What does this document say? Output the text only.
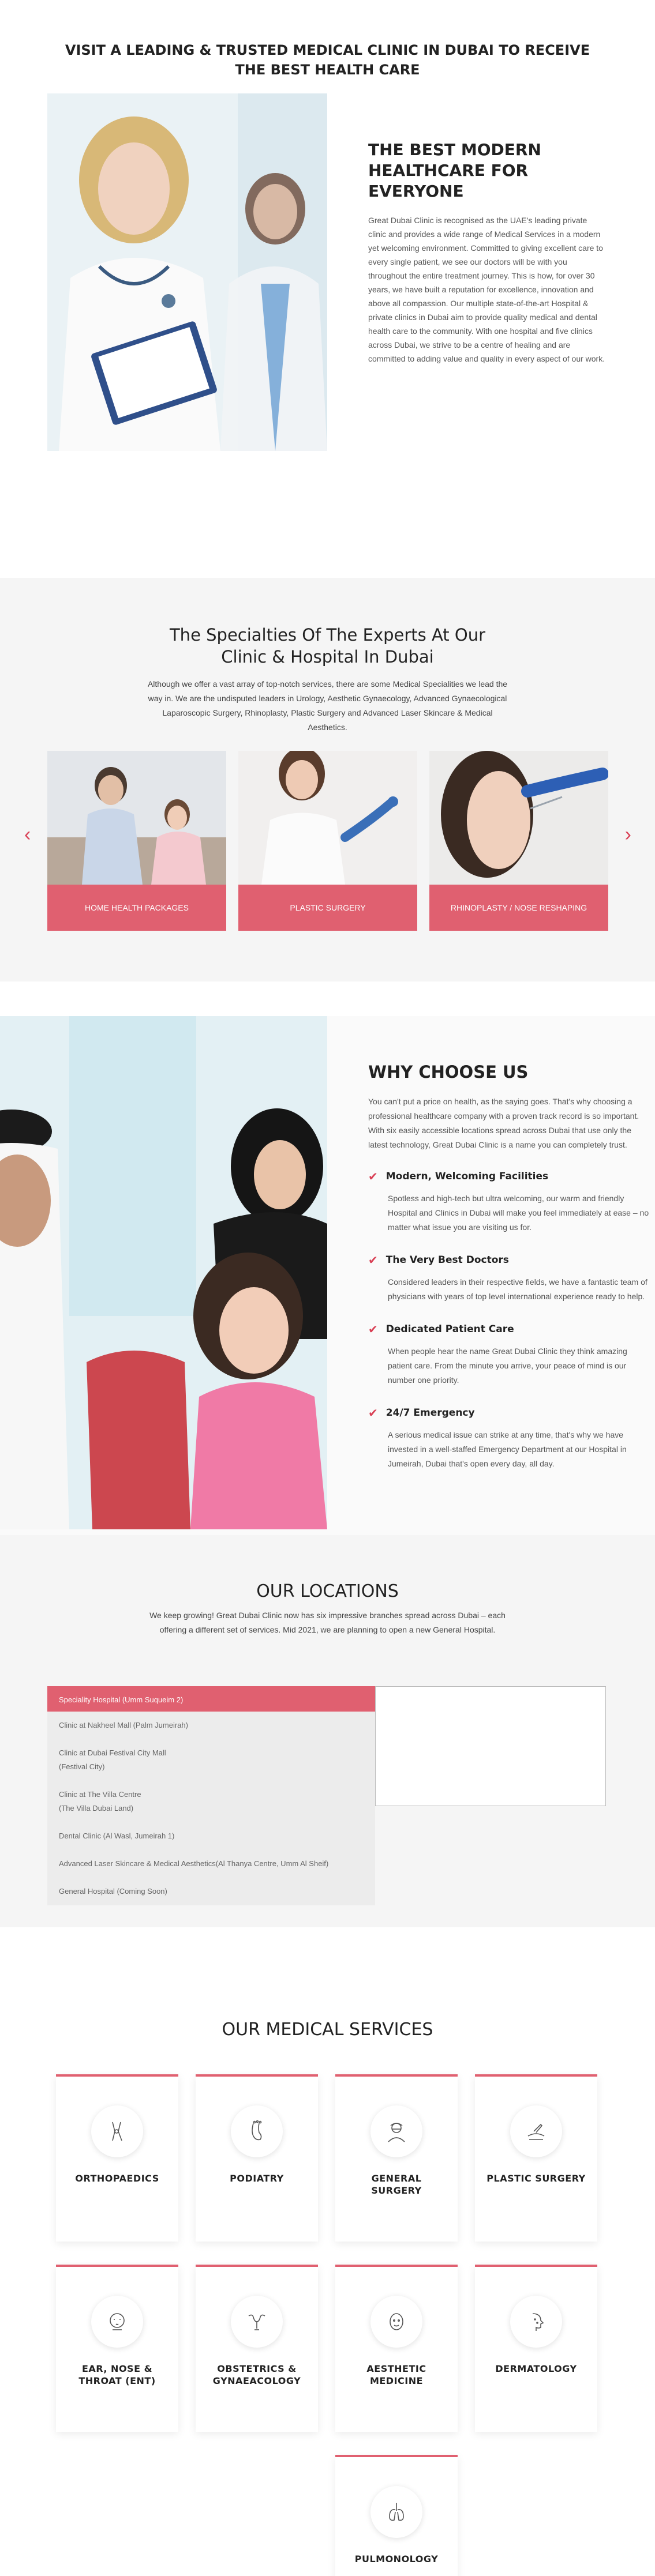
VISIT A LEADING & TRUSTED MEDICAL CLINIC IN DUBAI TO RECEIVE THE BEST HEALTH CARE
THE BEST MODERN HEALTHCARE FOR EVERYONE

Great Dubai Clinic is recognised as the UAE's leading private clinic and provides a wide range of Medical Services in a modern yet welcoming environment. Committed to giving excellent care to every single patient, we see our doctors will be with you throughout the entire treatment journey. This is how, for over 30 years, we have built a reputation for excellence, innovation and above all compassion. Our multiple state-of-the-art Hospital & private clinics in Dubai aim to provide quality medical and dental health care to the community. With one hospital and five clinics across Dubai, we strive to be a centre of healing and are committed to adding value and quality in every aspect of our work.

The Specialties Of The Experts At Our Clinic & Hospital In Dubai

Although we offer a vast array of top-notch services, there are some Medical Specialities we lead the way in. We are the undisputed leaders in Urology, Aesthetic Gynaecology, Advanced Gynaecological Laparoscopic Surgery, Rhinoplasty, Plastic Surgery and Advanced Laser Skincare & Medical Aesthetics.

‹
HOME HEALTH PACKAGES	PLASTIC SURGERY	RHINOPLASTY / NOSE RESHAPING
›
WHY CHOOSE US

You can't put a price on health, as the saying goes. That's why choosing a professional healthcare company with a proven track record is so important. With six easily accessible locations spread across Dubai that use only the latest technology, Great Dubai Clinic is a name you can completely trust.

✔ Modern, Welcoming Facilities

Spotless and high-tech but ultra welcoming, our warm and friendly Hospital and Clinics in Dubai will make you feel immediately at ease – no matter what issue you are visiting us for.

✔ The Very Best Doctors

Considered leaders in their respective fields, we have a fantastic team of physicians with years of top level international experience ready to help.

✔ Dedicated Patient Care

When people hear the name Great Dubai Clinic they think amazing patient care. From the minute you arrive, your peace of mind is our number one priority.

✔ 24/7 Emergency

A serious medical issue can strike at any time, that's why we have invested in a well-staffed Emergency Department at our Hospital in Jumeirah, Dubai that's open every day, all day.

OUR LOCATIONS

We keep growing! Great Dubai Clinic now has six impressive branches spread across Dubai – each offering a different set of services. Mid 2021, we are planning to open a new General Hospital.

Speciality Hospital (Umm Suqueim 2)
Clinic at Nakheel Mall (Palm Jumeirah)
Clinic at Dubai Festival City Mall
(Festival City)
Clinic at The Villa Centre
(The Villa Dubai Land)
Dental Clinic (Al Wasl, Jumeirah 1)
Advanced Laser Skincare & Medical Aesthetics(Al Thanya Centre, Umm Al Sheif)
General Hospital (Coming Soon)
OUR MEDICAL SERVICES
ORTHOPAEDICS	PODIATRY	GENERAL SURGERY
PLASTIC SURGERY
EAR, NOSE & THROAT (ENT)
OBSTETRICS & GYNAEACOLOGY
AESTHETIC MEDICINE
DERMATOLOGY
PULMONOLOGY
